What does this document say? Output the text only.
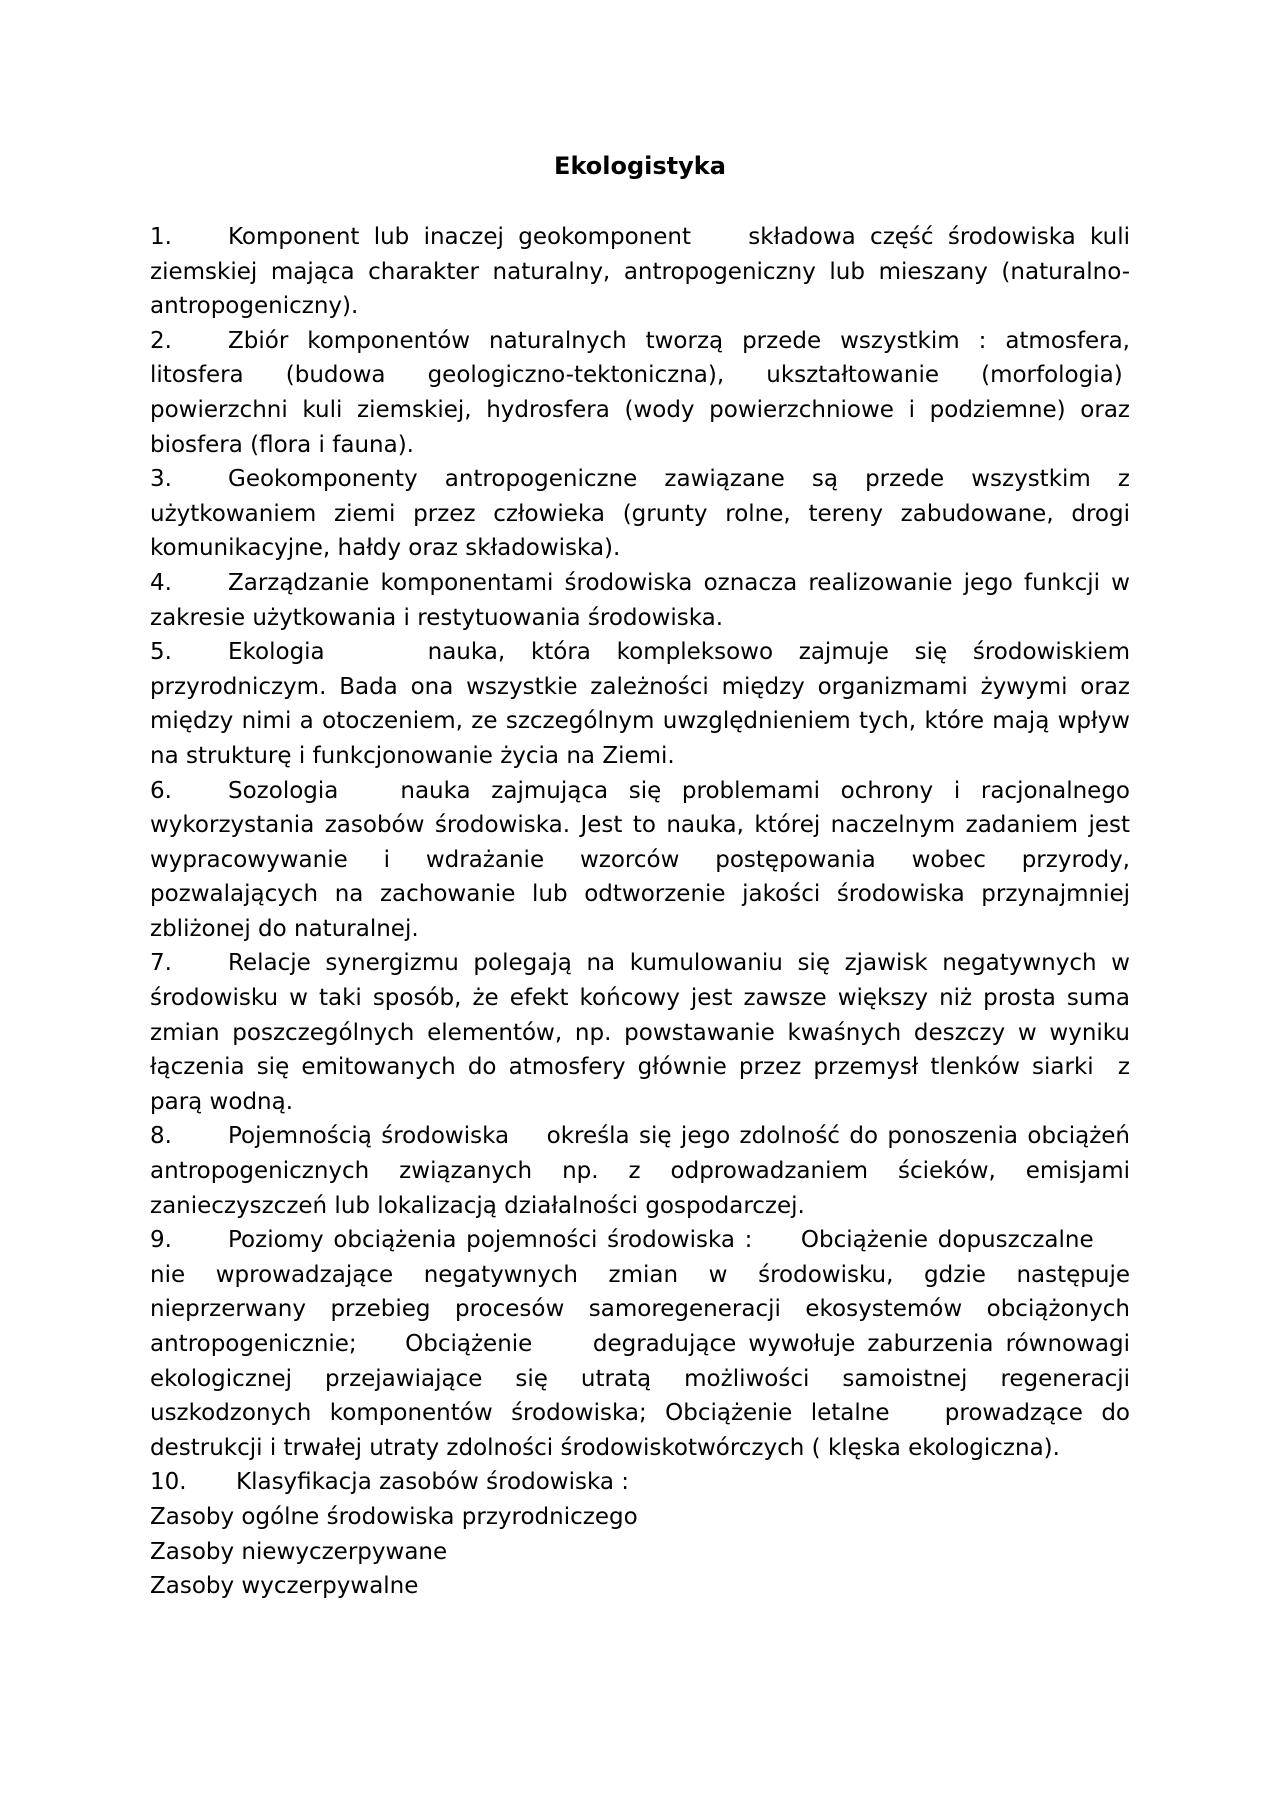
Ekologistyka

1. Komponent lub inaczej geokomponent    składowa część środowiska kuli ziemskiej mająca charakter naturalny, antropogeniczny lub mieszany (naturalno-antropogeniczny).

2. Zbiór komponentów naturalnych tworzą przede wszystkim : atmosfera, litosfera (budowa geologiczno-tektoniczna), ukształtowanie (morfologia)  powierzchni kuli ziemskiej, hydrosfera (wody powierzchniowe i podziemne) oraz biosfera (flora i fauna).

3. Geokomponenty antropogeniczne zawiązane są przede wszystkim z użytkowaniem ziemi przez człowieka (grunty rolne, tereny zabudowane, drogi komunikacyjne, hałdy oraz składowiska).

4. Zarządzanie komponentami środowiska oznacza realizowanie jego funkcji w zakresie użytkowania i restytuowania środowiska.

5. Ekologia    nauka, która kompleksowo zajmuje się środowiskiem przyrodniczym. Bada ona wszystkie zależności między organizmami żywymi oraz między nimi a otoczeniem, ze szczególnym uwzględnieniem tych, które mają wpływ na strukturę i funkcjonowanie życia na Ziemi.

6. Sozologia   nauka zajmująca się problemami ochrony i racjonalnego wykorzystania zasobów środowiska. Jest to nauka, której naczelnym zadaniem jest wypracowywanie i wdrażanie wzorców postępowania wobec przyrody, pozwalających na zachowanie lub odtworzenie jakości środowiska przynajmniej zbliżonej do naturalnej.

7. Relacje synergizmu polegają na kumulowaniu się zjawisk negatywnych w środowisku w taki sposób, że efekt końcowy jest zawsze większy niż prosta suma zmian poszczególnych elementów, np. powstawanie kwaśnych deszczy w wyniku łączenia się emitowanych do atmosfery głównie przez przemysł tlenków siarki  z parą wodną.

8. Pojemnością środowiska    określa się jego zdolność do ponoszenia obciążeń antropogenicznych związanych np. z odprowadzaniem ścieków, emisjami zanieczyszczeń lub lokalizacją działalności gospodarczej.

9. Poziomy obciążenia pojemności środowiska :     Obciążenie dopuszczalne     nie wprowadzające negatywnych zmian w środowisku, gdzie następuje nieprzerwany przebieg procesów samoregeneracji ekosystemów obciążonych antropogenicznie;    Obciążenie     degradujące wywołuje zaburzenia równowagi ekologicznej przejawiające się utratą możliwości samoistnej regeneracji uszkodzonych komponentów środowiska; Obciążenie letalne   prowadzące do destrukcji i trwałej utraty zdolności środowiskotwórczych ( klęska ekologiczna).

10. Klasyfikacja zasobów środowiska :

Zasoby ogólne środowiska przyrodniczego

Zasoby niewyczerpywane

Zasoby wyczerpywalne
